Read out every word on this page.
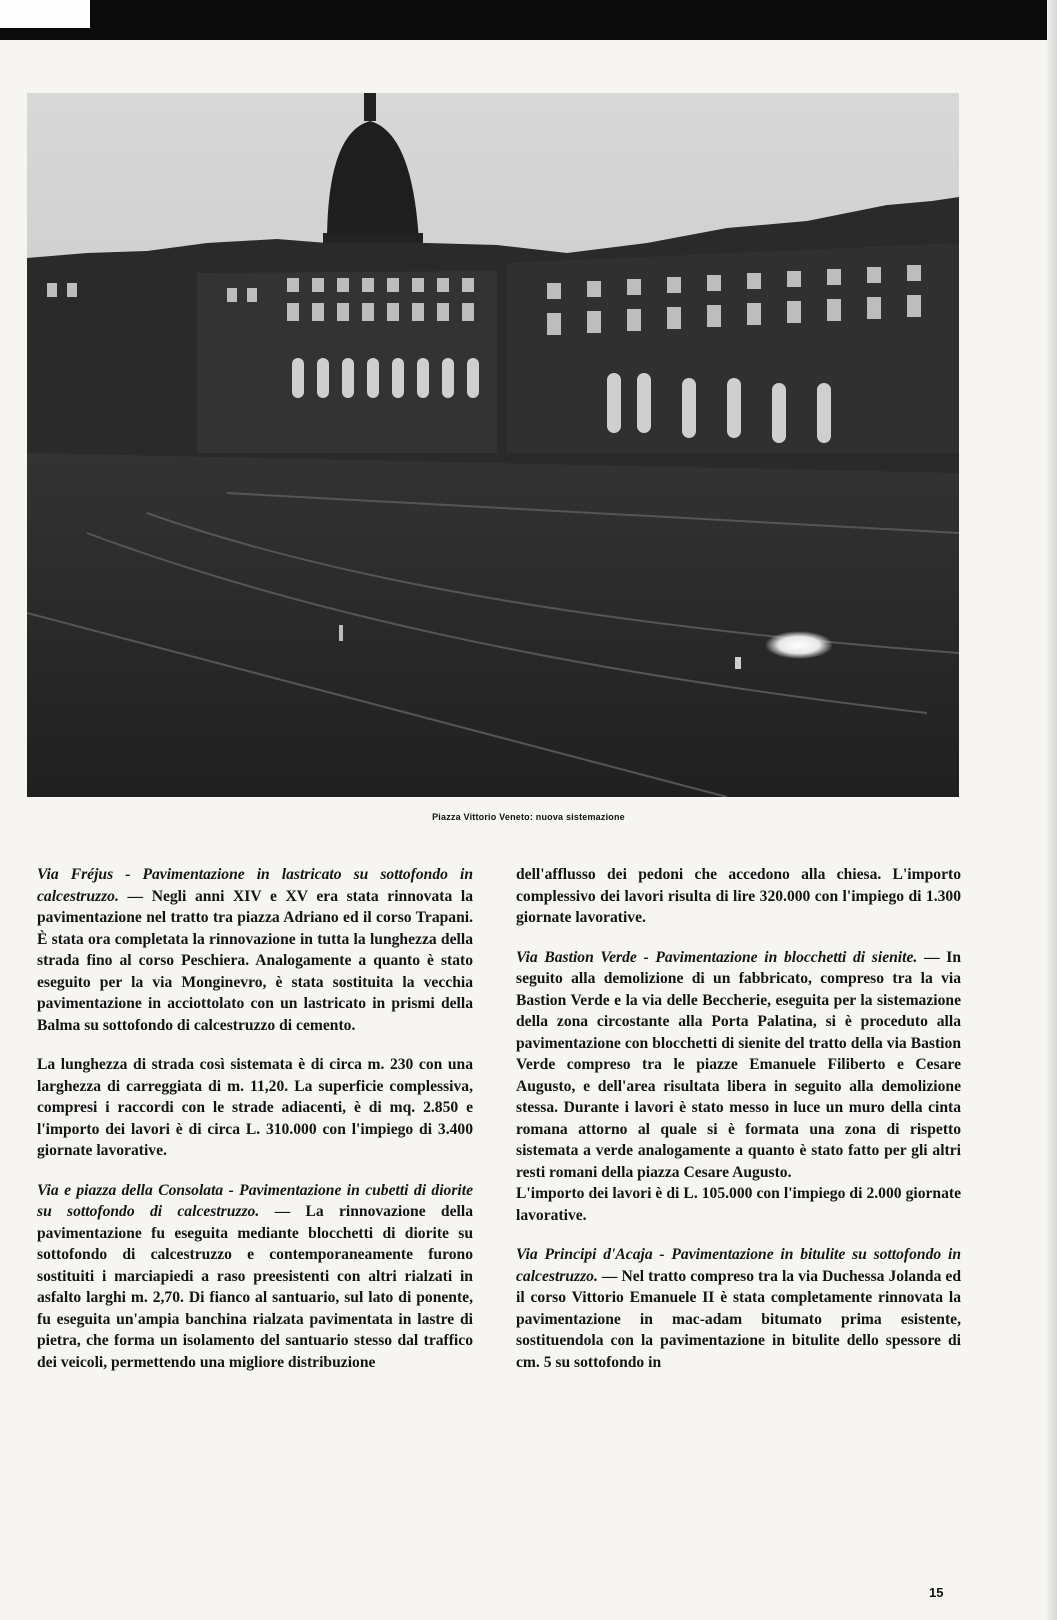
Piazza Vittorio Veneto: nuova sistemazione

Via Fréjus - Pavimentazione in lastricato su sottofondo in calcestruzzo. — Negli anni XIV e XV era stata rinnovata la pavimentazione nel tratto tra piazza Adriano ed il corso Trapani. È stata ora completata la rinnovazione in tutta la lunghezza della strada fino al corso Peschiera. Analogamente a quanto è stato eseguito per la via Monginevro, è stata sostituita la vecchia pavimentazione in acciottolato con un lastricato in prismi della Balma su sottofondo di calcestruzzo di cemento.

La lunghezza di strada così sistemata è di circa m. 230 con una larghezza di carreggiata di m. 11,20. La superficie complessiva, compresi i raccordi con le strade adiacenti, è di mq. 2.850 e l'importo dei lavori è di circa L. 310.000 con l'impiego di 3.400 giornate lavorative.

Via e piazza della Consolata - Pavimentazione in cubetti di diorite su sottofondo di calcestruzzo. — La rinnovazione della pavimentazione fu eseguita mediante blocchetti di diorite su sottofondo di calcestruzzo e contemporaneamente furono sostituiti i marciapiedi a raso preesistenti con altri rialzati in asfalto larghi m. 2,70. Di fianco al santuario, sul lato di ponente, fu eseguita un'ampia banchina rialzata pavimentata in lastre di pietra, che forma un isolamento del santuario stesso dal traffico dei veicoli, permettendo una migliore distribuzione

dell'afflusso dei pedoni che accedono alla chiesa. L'importo complessivo dei lavori risulta di lire 320.000 con l'impiego di 1.300 giornate lavorative.

Via Bastion Verde - Pavimentazione in blocchetti di sienite. — In seguito alla demolizione di un fabbricato, compreso tra la via Bastion Verde e la via delle Beccherie, eseguita per la sistemazione della zona circostante alla Porta Palatina, si è proceduto alla pavimentazione con blocchetti di sienite del tratto della via Bastion Verde compreso tra le piazze Emanuele Filiberto e Cesare Augusto, e dell'area risultata libera in seguito alla demolizione stessa. Durante i lavori è stato messo in luce un muro della cinta romana attorno al quale si è formata una zona di rispetto sistemata a verde analogamente a quanto è stato fatto per gli altri resti romani della piazza Cesare Augusto.

L'importo dei lavori è di L. 105.000 con l'impiego di 2.000 giornate lavorative.

Via Principi d'Acaja - Pavimentazione in bitulite su sottofondo in calcestruzzo. — Nel tratto compreso tra la via Duchessa Jolanda ed il corso Vittorio Emanuele II è stata completamente rinnovata la pavimentazione in mac-adam bitumato prima esistente, sostituendola con la pavimentazione in bitulite dello spessore di cm. 5 su sottofondo in

15
